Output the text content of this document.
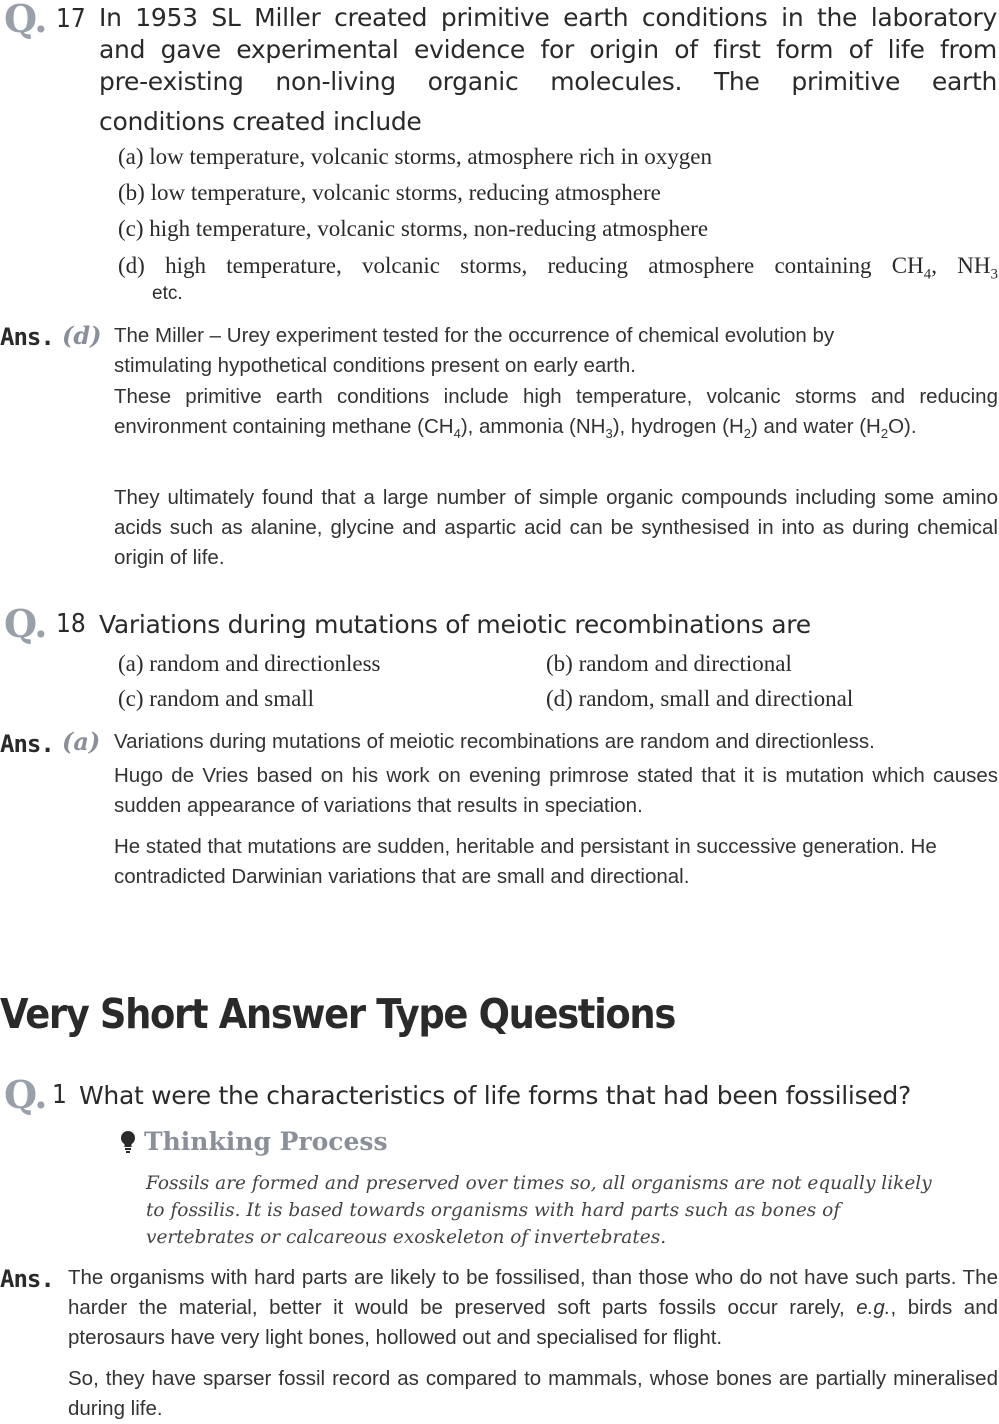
Q. 17 In 1953 SL Miller created primitive earth conditions in the laboratory
and gave experimental evidence for origin of first form of life from
pre-existing non-living organic molecules. The primitive earth
conditions created include
(a) low temperature, volcanic storms, atmosphere rich in oxygen
(b) low temperature, volcanic storms, reducing atmosphere
(c) high temperature, volcanic storms, non-reducing atmosphere
(d) high temperature, volcanic storms, reducing atmosphere containing $CH_4$, $NH_3$
etc.
Ans. (d) The Miller – Urey experiment tested for the occurrence of chemical evolution by stimulating hypothetical conditions present on early earth.
These primitive earth conditions include high temperature, volcanic storms and reducing environment containing methane $(CH_4)$, ammonia $(NH_3)$, hydrogen $(H_2)$ and water $(H_2O)$.
They ultimately found that a large number of simple organic compounds including some amino acids such as alanine, glycine and aspartic acid can be synthesised in into as during chemical origin of life.
Q. 18 Variations during mutations of meiotic recombinations are
(a) random and directionless	(b) random and directional
(c) random and small	(d) random, small and directional
Ans. (a) Variations during mutations of meiotic recombinations are random and directionless.
Hugo de Vries based on his work on evening primrose stated that it is mutation which causes sudden appearance of variations that results in speciation.
He stated that mutations are sudden, heritable and persistant in successive generation. He contradicted Darwinian variations that are small and directional.
Very Short Answer Type Questions
Q. 1 What were the characteristics of life forms that had been fossilised?
Thinking Process
Fossils are formed and preserved over times so, all organisms are not equally likely to fossilis. It is based towards organisms with hard parts such as bones of vertebrates or calcareous exoskeleton of invertebrates.
Ans. The organisms with hard parts are likely to be fossilised, than those who do not have such parts. The harder the material, better it would be preserved soft parts fossils occur rarely, e.g., birds and pterosaurs have very light bones, hollowed out and specialised for flight.
So, they have sparser fossil record as compared to mammals, whose bones are partially mineralised during life.
